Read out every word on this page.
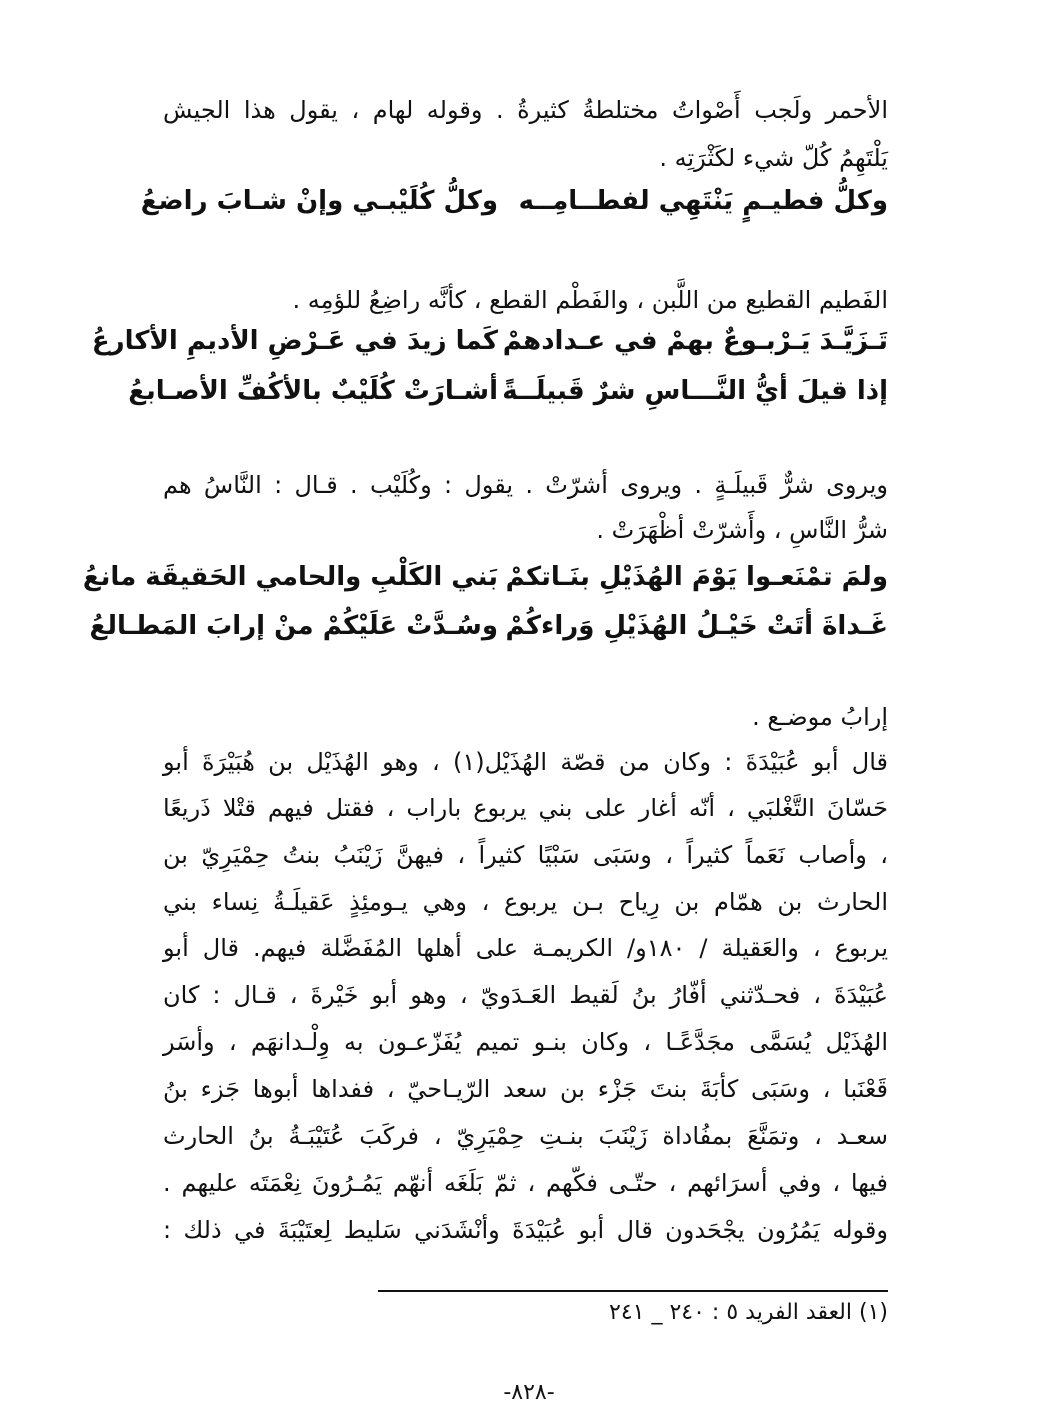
الأحمر ولَجب أَصْواتُ مختلطةُ كثيرةُ . وقوله لهام ، يقول هذا الجيش
يَلْتَهِمُ كُلّ شيء لكَثْرَتِه .
وكلُّ فطيـمٍ يَنْتَهِي لفطــامِــه
وكلُّ كُلَيْبـي وإنْ شـابَ راضعُ
الفَطيم القطيع من اللَّبن ، والفَطْم القطع ، كأنَّه راضِعُ للؤمِه .
تَـزَيَّـدَ يَـرْبـوعٌ بهمْ في عـدادهمْ
كَما زيدَ في عَـرْضِ الأديمِ الأكارعُ
إذا قيلَ أيُّ النَّـــاسِ شرٌ قَبيلَــةً
أشـارَتْ كُلَيْبٌ بالأكُفِّ الأصـابعُ
ويروى شرٌّ قَبيلَـةٍ . ويروى أشرّتْ . يقول : وكُلَيْب . قـال : النَّاسُ هم
شرُّ النَّاسِ ، وأَشرّتْ أظْهَرَتْ .
ولمَ تمْنَعـوا يَوْمَ الهُذَيْلِ بنَـاتكمْ
بَني الكَلْبِ والحامي الحَقيقَة مانعُ
غَـداةَ أتَتْ خَيْـلُ الهُذَيْلِ وَراءكُمْ
وسُـدَّتْ عَلَيْكُمْ منْ إرابَ المَطـالعُ
إرابُ موضـع .
قال أبو عُبَيْدَةَ : وكان من قصّة الهُذَيْل(١) ، وهو الهُذَيْل بن هُبَيْرَةَ أبو
حَسّانَ التَّغْلبَي ، أنّه أغار على بني يربوع باراب ، فقتل فيهم قتْلا ذَريعًا
، وأصاب نَعَماً كثيراً ، وسَبَى سَبْيًا كثيراً ، فيهنَّ زَيْنَبُ بنتُ حِمْيَرِيّ بن
الحارث بن همّام بن رِياح بـن يربوع ، وهي يـومئِذٍ عَقيلَـةُ نِساء بني
يربوع ، والعَقيلة / ١٨٠و/ الكريمـة على أهلها المُفَضَّلة فيهم. قال أبو
عُبَيْدَةَ ، فحـدّثني أفّارُ بنُ لَقيط العَـدَويّ ، وهو أبو خَيْرةَ ، قـال : كان
الهُذَيْل يُسَمَّى مجَدَّعًـا ، وكان بنـو تميم يُفَزّعـون به وِلْـدانهَم ، وأسَر
قَعْنَبا ، وسَبَى كأبَةَ بنتَ جَزْء بن سعد الرّيـاحيّ ، ففداها أبوها جَزء بنُ
سعـد ، وتمَنَّعَ بمفُاداة زَيْنَبَ بنـتِ حِمْيَرِيّ ، فركَبَ عُتَيْبَـةُ بنُ الحارث
فيها ، وفي أسرَائهم ، حتّـى فكّهم ، ثمّ بَلَغَه أنهّم يَمُـرُونَ نِعْمَتَه عليهم .
وقوله يَمُرُون يجْحَدون قال أبو عُبَيْدَةَ وأنْشَدَني سَليط لِعتَيْبَةَ في ذلك :
(١) العقد الفريد ٥ : ٢٤٠ _ ٢٤١
-٨٢٨-
